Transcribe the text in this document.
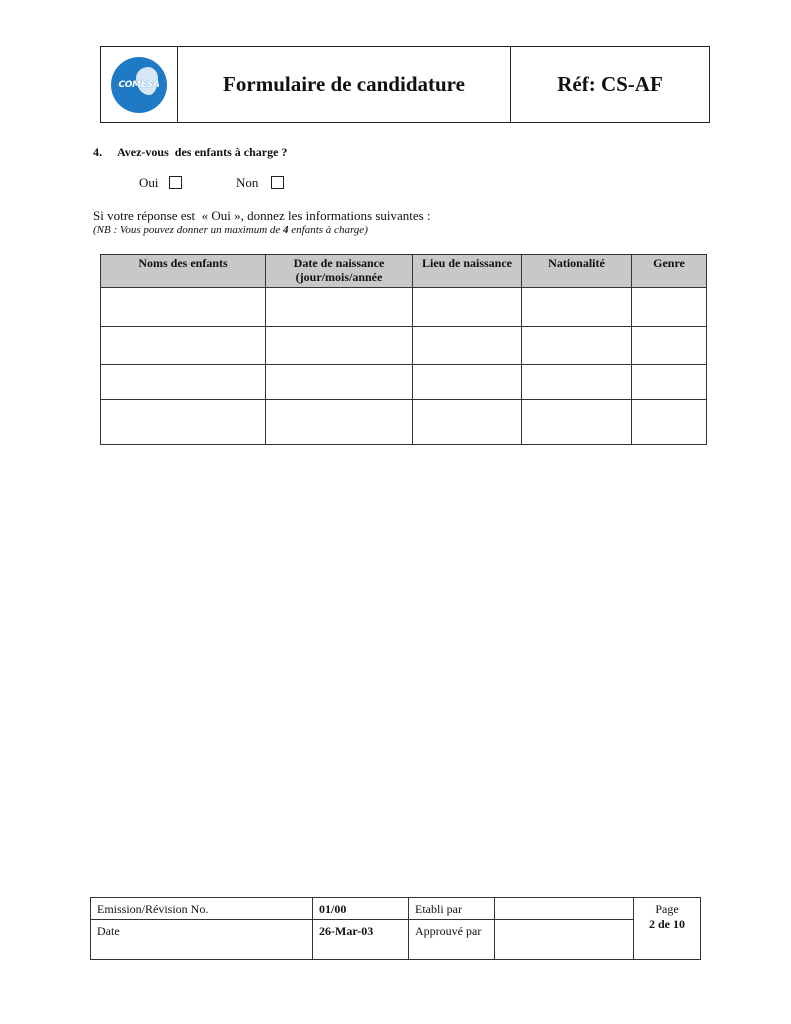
COMESA	Formulaire de candidature	Réf: CS-AF
4. Avez-vous  des enfants à charge ?
Oui	Non
Si votre réponse est  « Oui », donnez les informations suivantes :
(NB : Vous pouvez donner un maximum de 4 enfants à charge)
Noms des enfants	Date de naissance (jour/mois/année	Lieu de naissance	Nationalité	Genre

Emission/Révision No.	01/00	Etabli par		Page
2 de 10

Date	26-Mar-03	Approuvé par		
